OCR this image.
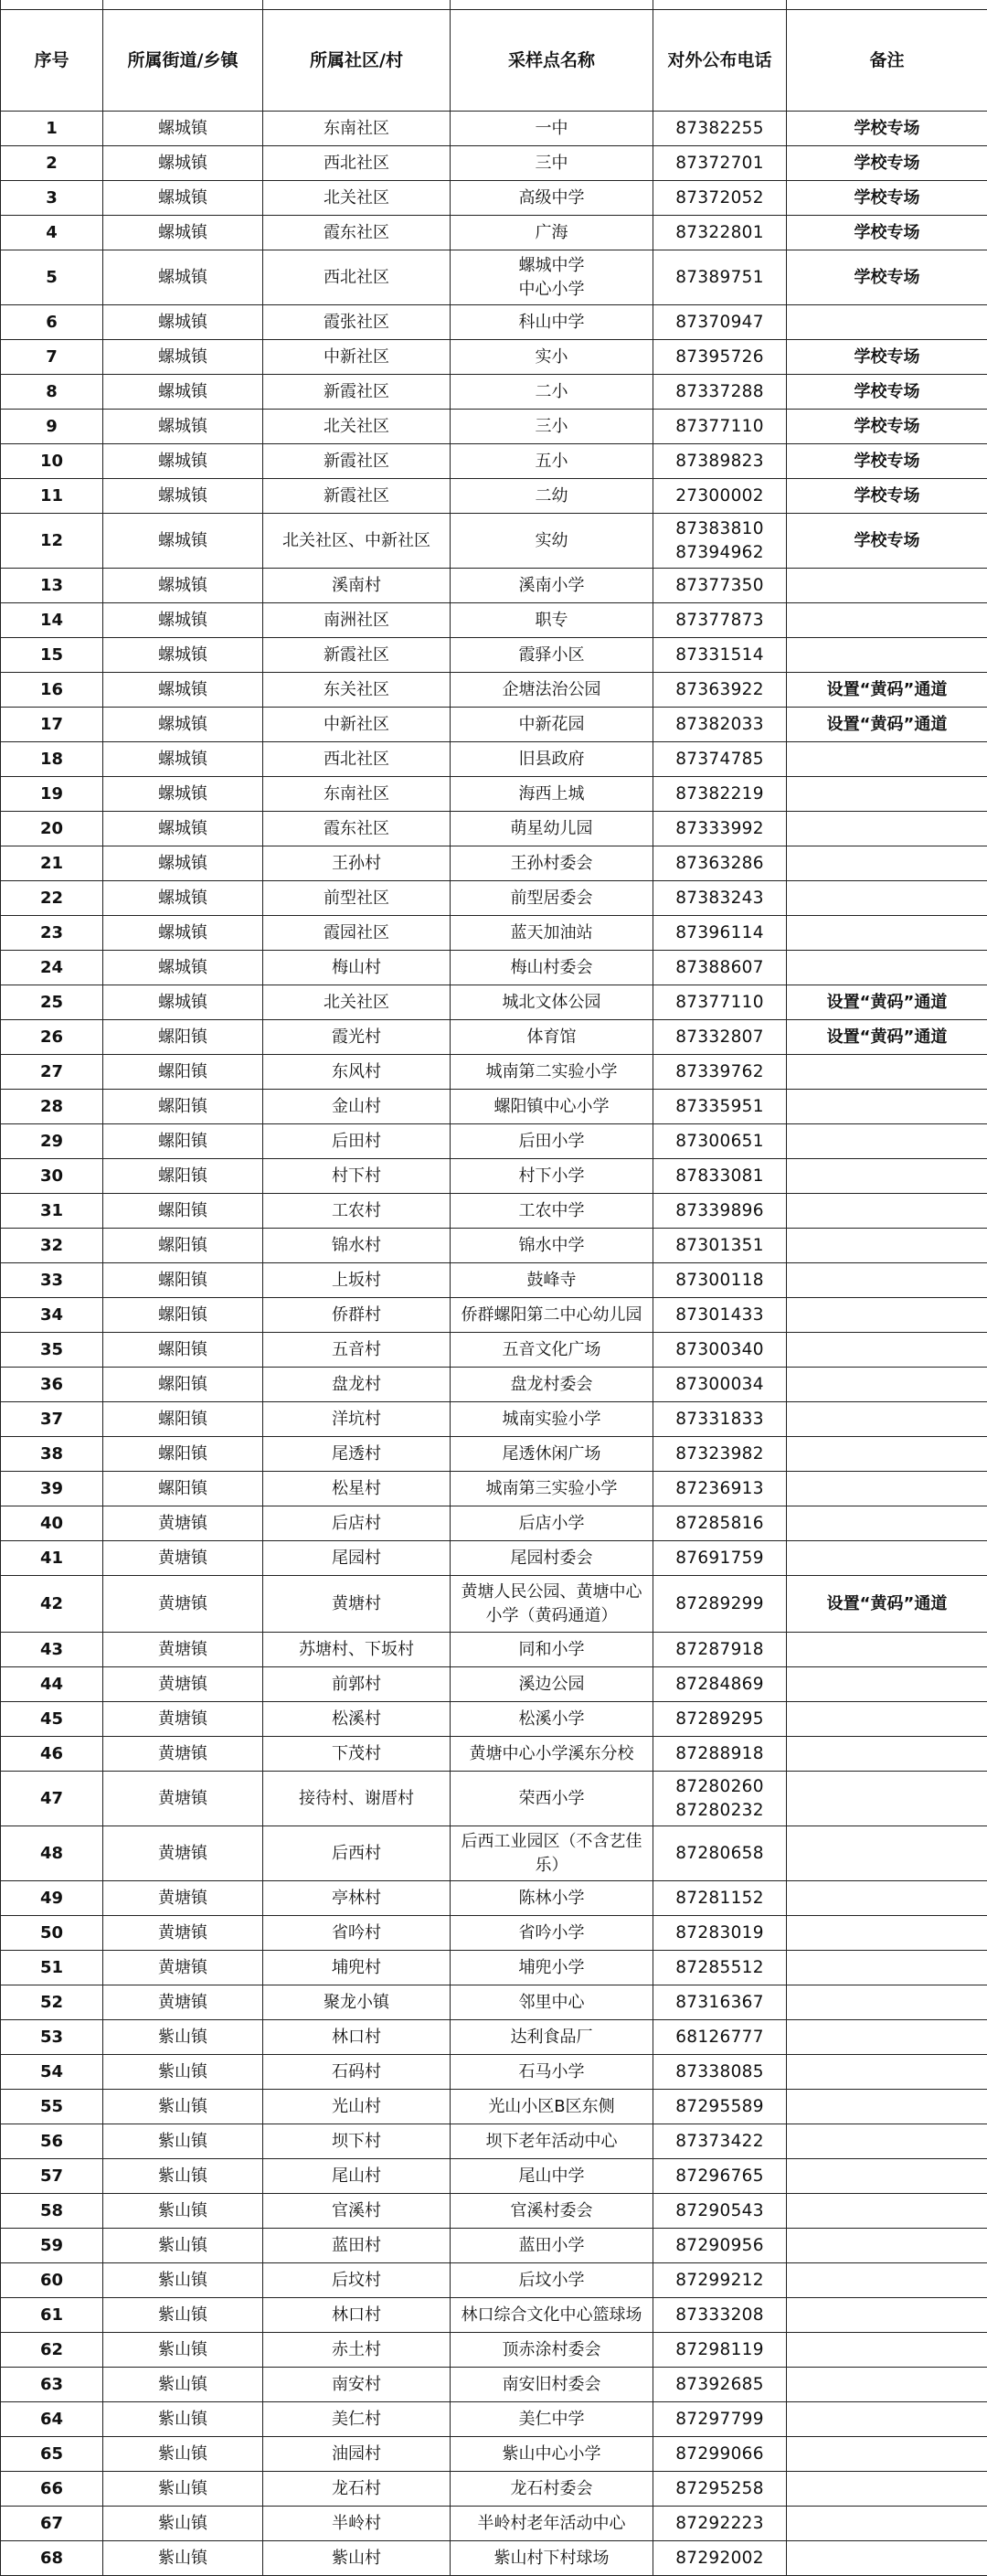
序号	所属街道/乡镇	所属社区/村	采样点名称	对外公布电话	备注
1	螺城镇	东南社区	一中	87382255	学校专场
2	螺城镇	西北社区	三中	87372701	学校专场
3	螺城镇	北关社区	高级中学	87372052	学校专场
4	螺城镇	霞东社区	广海	87322801	学校专场
5	螺城镇	西北社区	螺城中学
中心小学	87389751	学校专场
6	螺城镇	霞张社区	科山中学	87370947	

7	螺城镇	中新社区	实小	87395726	学校专场
8	螺城镇	新霞社区	二小	87337288	学校专场
9	螺城镇	北关社区	三小	87377110	学校专场
10	螺城镇	新霞社区	五小	87389823	学校专场
11	螺城镇	新霞社区	二幼	27300002	学校专场
12	螺城镇	北关社区、中新社区	实幼	87383810
87394962	学校专场
13	螺城镇	溪南村	溪南小学	87377350	

14	螺城镇	南洲社区	职专	87377873	

15	螺城镇	新霞社区	霞驿小区	87331514	

16	螺城镇	东关社区	企塘法治公园	87363922	设置“黄码”通道
17	螺城镇	中新社区	中新花园	87382033	设置“黄码”通道
18	螺城镇	西北社区	旧县政府	87374785	

19	螺城镇	东南社区	海西上城	87382219	

20	螺城镇	霞东社区	萌星幼儿园	87333992	

21	螺城镇	王孙村	王孙村委会	87363286	

22	螺城镇	前型社区	前型居委会	87383243	

23	螺城镇	霞园社区	蓝天加油站	87396114	

24	螺城镇	梅山村	梅山村委会	87388607	

25	螺城镇	北关社区	城北文体公园	87377110	设置“黄码”通道
26	螺阳镇	霞光村	体育馆	87332807	设置“黄码”通道
27	螺阳镇	东风村	城南第二实验小学	87339762	

28	螺阳镇	金山村	螺阳镇中心小学	87335951	

29	螺阳镇	后田村	后田小学	87300651	

30	螺阳镇	村下村	村下小学	87833081	

31	螺阳镇	工农村	工农中学	87339896	

32	螺阳镇	锦水村	锦水中学	87301351	

33	螺阳镇	上坂村	鼓峰寺	87300118	

34	螺阳镇	侨群村	侨群螺阳第二中心幼儿园	87301433	

35	螺阳镇	五音村	五音文化广场	87300340	

36	螺阳镇	盘龙村	盘龙村委会	87300034	

37	螺阳镇	洋坑村	城南实验小学	87331833	

38	螺阳镇	尾透村	尾透休闲广场	87323982	

39	螺阳镇	松星村	城南第三实验小学	87236913	

40	黄塘镇	后店村	后店小学	87285816	

41	黄塘镇	尾园村	尾园村委会	87691759	

42	黄塘镇	黄塘村	黄塘人民公园、黄塘中心
小学（黄码通道）	87289299	设置“黄码”通道
43	黄塘镇	苏塘村、下坂村	同和小学	87287918	

44	黄塘镇	前郭村	溪边公园	87284869	

45	黄塘镇	松溪村	松溪小学	87289295	

46	黄塘镇	下茂村	黄塘中心小学溪东分校	87288918	

47	黄塘镇	接待村、谢厝村	荣西小学	87280260
87280232	

48	黄塘镇	后西村	后西工业园区（不含艺佳
乐）	87280658	

49	黄塘镇	亭林村	陈林小学	87281152	

50	黄塘镇	省吟村	省吟小学	87283019	

51	黄塘镇	埔兜村	埔兜小学	87285512	

52	黄塘镇	聚龙小镇	邻里中心	87316367	

53	紫山镇	林口村	达利食品厂	68126777	

54	紫山镇	石码村	石马小学	87338085	

55	紫山镇	光山村	光山小区B区东侧	87295589	

56	紫山镇	坝下村	坝下老年活动中心	87373422	

57	紫山镇	尾山村	尾山中学	87296765	

58	紫山镇	官溪村	官溪村委会	87290543	

59	紫山镇	蓝田村	蓝田小学	87290956	

60	紫山镇	后坟村	后坟小学	87299212	

61	紫山镇	林口村	林口综合文化中心篮球场	87333208	

62	紫山镇	赤土村	顶赤涂村委会	87298119	

63	紫山镇	南安村	南安旧村委会	87392685	

64	紫山镇	美仁村	美仁中学	87297799	

65	紫山镇	油园村	紫山中心小学	87299066	

66	紫山镇	龙石村	龙石村委会	87295258	

67	紫山镇	半岭村	半岭村老年活动中心	87292223	

68	紫山镇	紫山村	紫山村下村球场	87292002	
